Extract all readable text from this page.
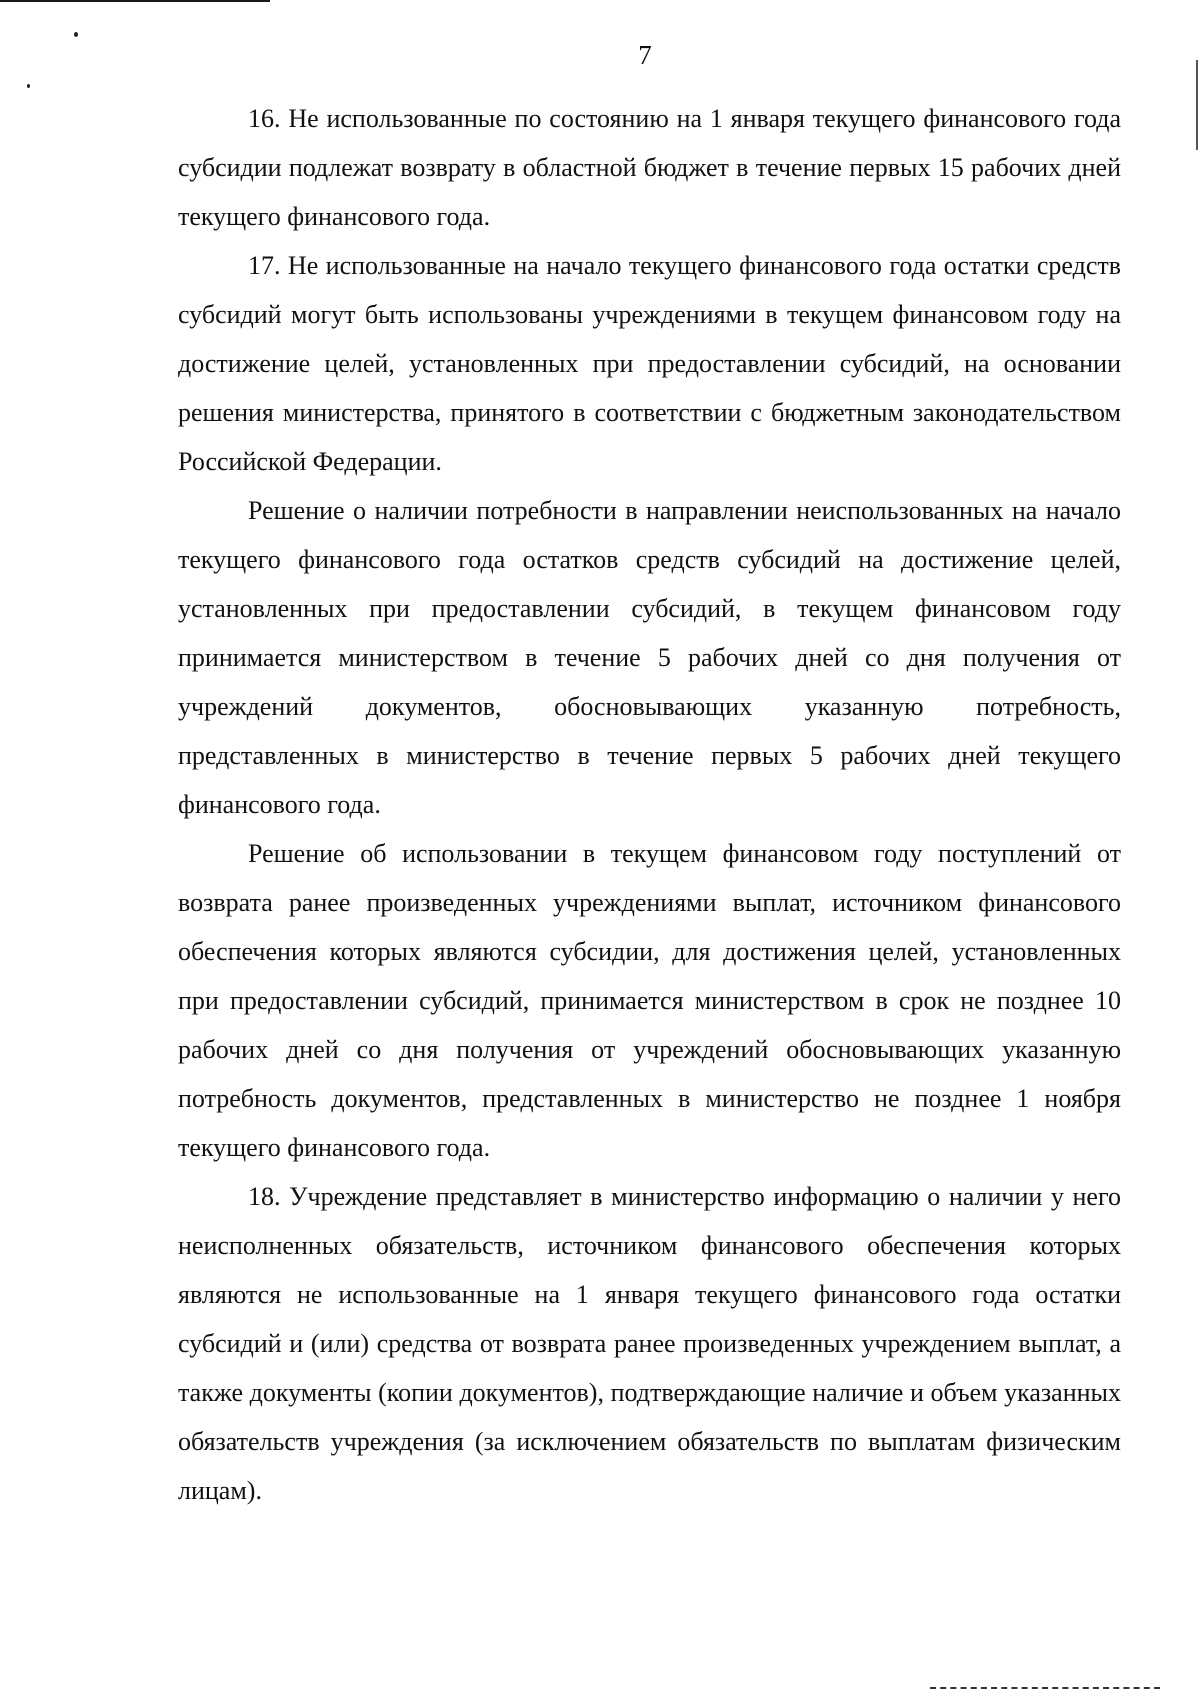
7

16. Не использованные по состоянию на 1 января текущего финансового года субсидии подлежат возврату в областной бюджет в течение первых 15 рабочих дней текущего финансового года.

17. Не использованные на начало текущего финансового года остатки средств субсидий могут быть использованы учреждениями в текущем финансовом году на достижение целей, установленных при предоставлении субсидий, на основании решения министерства, принятого в соответствии с бюджетным законодательством Российской Федерации.

Решение о наличии потребности в направлении неиспользованных на начало текущего финансового года остатков средств субсидий на достижение целей, установленных при предоставлении субсидий, в текущем финансовом году принимается министерством в течение 5 рабочих дней со дня получения от учреждений документов, обосновывающих указанную потребность, представленных в министерство в течение первых 5 рабочих дней текущего финансового года.

Решение об использовании в текущем финансовом году поступлений от возврата ранее произведенных учреждениями выплат, источником финансового обеспечения которых являются субсидии, для достижения целей, установленных при предоставлении субсидий, принимается министерством в срок не позднее 10 рабочих дней со дня получения от учреждений обосновывающих указанную потребность документов, представленных в министерство не позднее 1 ноября текущего финансового года.

18. Учреждение представляет в министерство информацию о наличии у него неисполненных обязательств, источником финансового обеспечения которых являются не использованные на 1 января текущего финансового года остатки субсидий и (или) средства от возврата ранее произведенных учреждением выплат, а также документы (копии документов), подтверждающие наличие и объем указанных обязательств учреждения (за исключением обязательств по выплатам физическим лицам).
